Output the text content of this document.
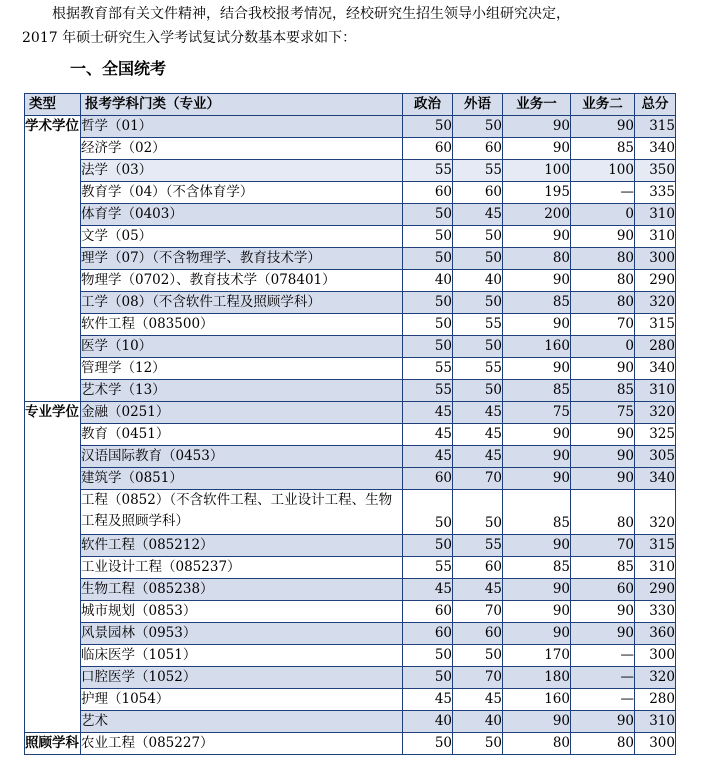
根据教育部有关文件精神，结合我校报考情况，经校研究生招生领导小组研究决定，

2017 年硕士研究生入学考试复试分数基本要求如下：

一、全国统考
类型	报考学科门类（专业）	政治	外语	业务一	业务二	总分
学术学位	哲学（01）	50	50	90	90	315
	经济学（02）	60	60	90	85	340
	法学（03）	55	55	100	100	350
	教育学（04）（不含体育学）	60	60	195	—	335
	体育学（0403）	50	45	200	0	310
	文学（05）	50	50	90	90	310
	理学（07）（不含物理学、教育技术学）	50	50	80	80	300
	物理学（0702）、教育技术学（078401）	40	40	90	80	290
	工学（08）（不含软件工程及照顾学科）	50	50	85	80	320
	软件工程（083500）	50	55	90	70	315
	医学（10）	50	50	160	0	280
	管理学（12）	55	55	90	90	340
	艺术学（13）	55	50	85	85	310
专业学位	金融（0251）	45	45	75	75	320
	教育（0451）	45	45	90	90	325
	汉语国际教育（0453）	45	45	90	90	305
	建筑学（0851）	60	70	90	90	340
	工程（0852）（不含软件工程、工业设计工程、生物工程及照顾学科）	50	50	85	80	320
	软件工程（085212）	50	55	90	70	315
	工业设计工程（085237）	55	60	85	85	310
	生物工程（085238）	45	45	90	60	290
	城市规划（0853）	60	70	90	90	330
	风景园林（0953）	60	60	90	90	360
	临床医学（1051）	50	50	170	—	300
	口腔医学（1052）	50	70	180	—	320
	护理（1054）	45	45	160	—	280
	艺术	40	40	90	90	310
照顾学科	农业工程（085227）	50	50	80	80	300
